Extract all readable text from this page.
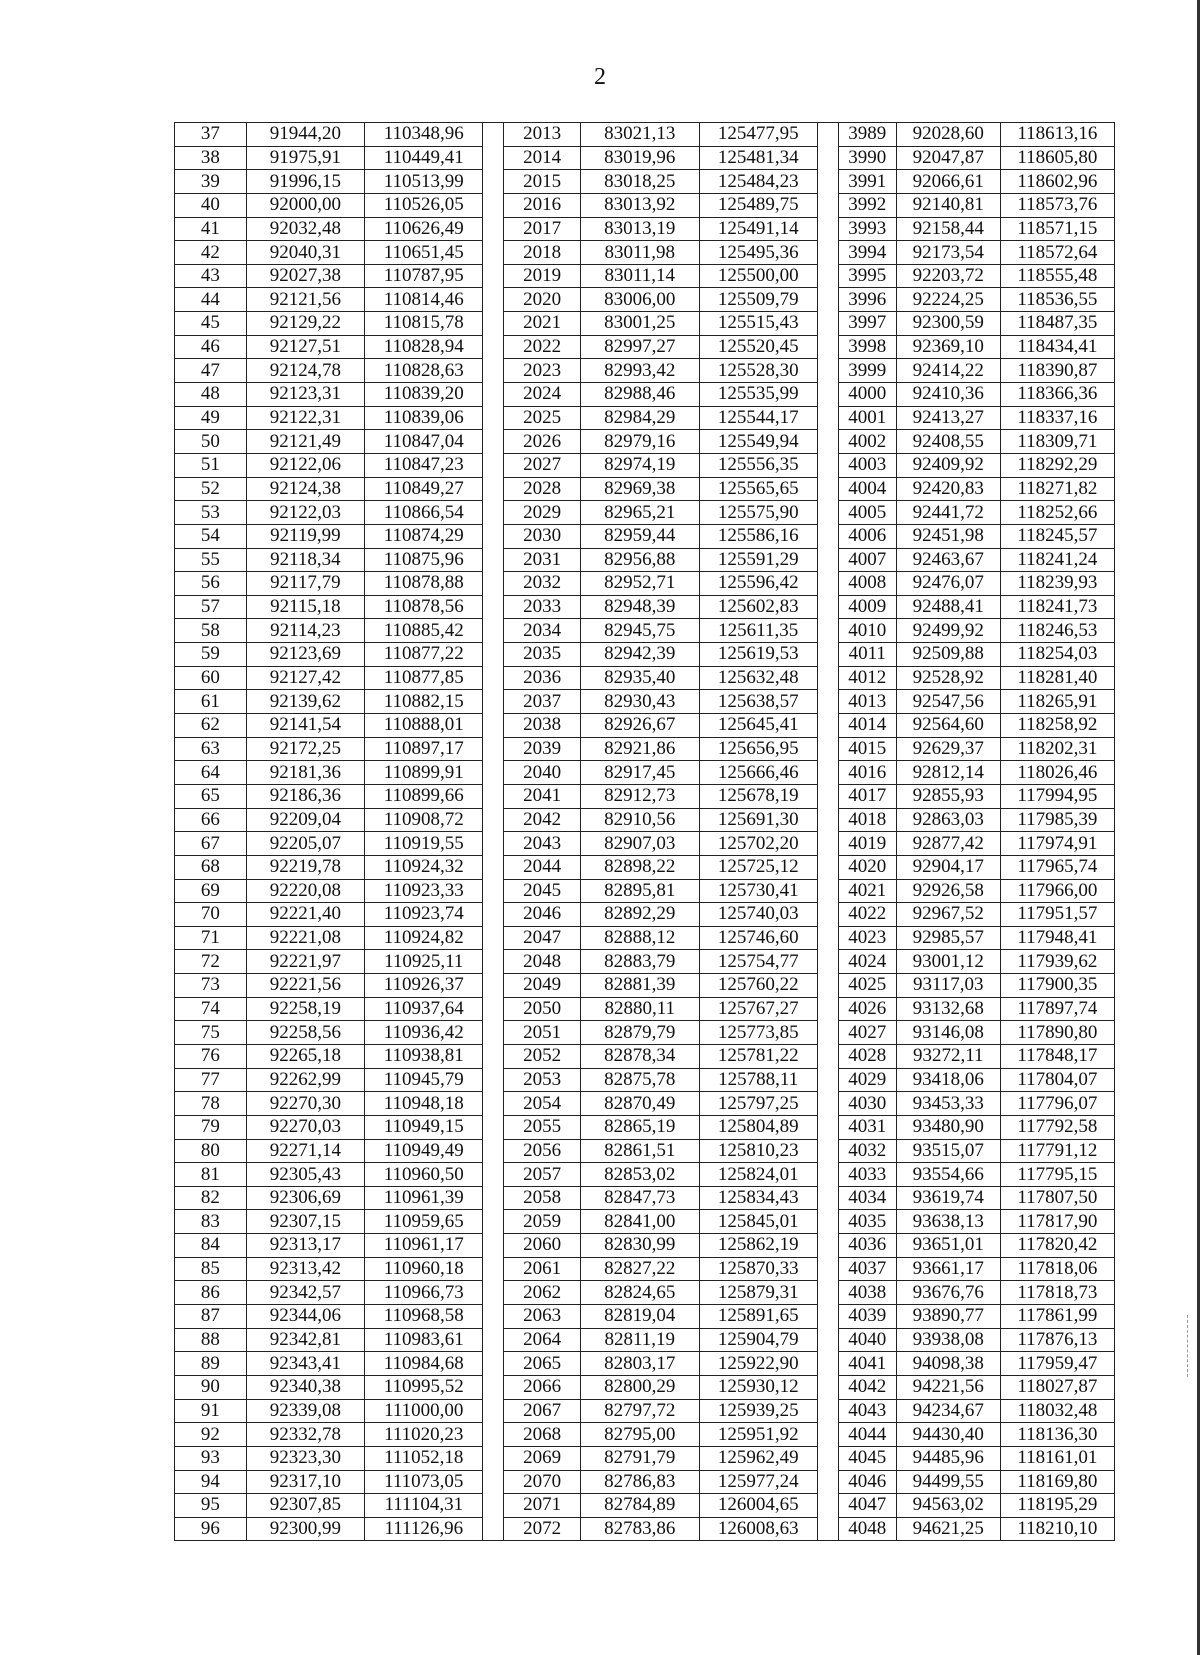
2
37	91944,20	110348,96		2013	83021,13	125477,95		3989	92028,60	118613,16
38	91975,91	110449,41		2014	83019,96	125481,34		3990	92047,87	118605,80
39	91996,15	110513,99		2015	83018,25	125484,23		3991	92066,61	118602,96
40	92000,00	110526,05		2016	83013,92	125489,75		3992	92140,81	118573,76
41	92032,48	110626,49		2017	83013,19	125491,14		3993	92158,44	118571,15
42	92040,31	110651,45		2018	83011,98	125495,36		3994	92173,54	118572,64
43	92027,38	110787,95		2019	83011,14	125500,00		3995	92203,72	118555,48
44	92121,56	110814,46		2020	83006,00	125509,79		3996	92224,25	118536,55
45	92129,22	110815,78		2021	83001,25	125515,43		3997	92300,59	118487,35
46	92127,51	110828,94		2022	82997,27	125520,45		3998	92369,10	118434,41
47	92124,78	110828,63		2023	82993,42	125528,30		3999	92414,22	118390,87
48	92123,31	110839,20		2024	82988,46	125535,99		4000	92410,36	118366,36
49	92122,31	110839,06		2025	82984,29	125544,17		4001	92413,27	118337,16
50	92121,49	110847,04		2026	82979,16	125549,94		4002	92408,55	118309,71
51	92122,06	110847,23		2027	82974,19	125556,35		4003	92409,92	118292,29
52	92124,38	110849,27		2028	82969,38	125565,65		4004	92420,83	118271,82
53	92122,03	110866,54		2029	82965,21	125575,90		4005	92441,72	118252,66
54	92119,99	110874,29		2030	82959,44	125586,16		4006	92451,98	118245,57
55	92118,34	110875,96		2031	82956,88	125591,29		4007	92463,67	118241,24
56	92117,79	110878,88		2032	82952,71	125596,42		4008	92476,07	118239,93
57	92115,18	110878,56		2033	82948,39	125602,83		4009	92488,41	118241,73
58	92114,23	110885,42		2034	82945,75	125611,35		4010	92499,92	118246,53
59	92123,69	110877,22		2035	82942,39	125619,53		4011	92509,88	118254,03
60	92127,42	110877,85		2036	82935,40	125632,48		4012	92528,92	118281,40
61	92139,62	110882,15		2037	82930,43	125638,57		4013	92547,56	118265,91
62	92141,54	110888,01		2038	82926,67	125645,41		4014	92564,60	118258,92
63	92172,25	110897,17		2039	82921,86	125656,95		4015	92629,37	118202,31
64	92181,36	110899,91		2040	82917,45	125666,46		4016	92812,14	118026,46
65	92186,36	110899,66		2041	82912,73	125678,19		4017	92855,93	117994,95
66	92209,04	110908,72		2042	82910,56	125691,30		4018	92863,03	117985,39
67	92205,07	110919,55		2043	82907,03	125702,20		4019	92877,42	117974,91
68	92219,78	110924,32		2044	82898,22	125725,12		4020	92904,17	117965,74
69	92220,08	110923,33		2045	82895,81	125730,41		4021	92926,58	117966,00
70	92221,40	110923,74		2046	82892,29	125740,03		4022	92967,52	117951,57
71	92221,08	110924,82		2047	82888,12	125746,60		4023	92985,57	117948,41
72	92221,97	110925,11		2048	82883,79	125754,77		4024	93001,12	117939,62
73	92221,56	110926,37		2049	82881,39	125760,22		4025	93117,03	117900,35
74	92258,19	110937,64		2050	82880,11	125767,27		4026	93132,68	117897,74
75	92258,56	110936,42		2051	82879,79	125773,85		4027	93146,08	117890,80
76	92265,18	110938,81		2052	82878,34	125781,22		4028	93272,11	117848,17
77	92262,99	110945,79		2053	82875,78	125788,11		4029	93418,06	117804,07
78	92270,30	110948,18		2054	82870,49	125797,25		4030	93453,33	117796,07
79	92270,03	110949,15		2055	82865,19	125804,89		4031	93480,90	117792,58
80	92271,14	110949,49		2056	82861,51	125810,23		4032	93515,07	117791,12
81	92305,43	110960,50		2057	82853,02	125824,01		4033	93554,66	117795,15
82	92306,69	110961,39		2058	82847,73	125834,43		4034	93619,74	117807,50
83	92307,15	110959,65		2059	82841,00	125845,01		4035	93638,13	117817,90
84	92313,17	110961,17		2060	82830,99	125862,19		4036	93651,01	117820,42
85	92313,42	110960,18		2061	82827,22	125870,33		4037	93661,17	117818,06
86	92342,57	110966,73		2062	82824,65	125879,31		4038	93676,76	117818,73
87	92344,06	110968,58		2063	82819,04	125891,65		4039	93890,77	117861,99
88	92342,81	110983,61		2064	82811,19	125904,79		4040	93938,08	117876,13
89	92343,41	110984,68		2065	82803,17	125922,90		4041	94098,38	117959,47
90	92340,38	110995,52		2066	82800,29	125930,12		4042	94221,56	118027,87
91	92339,08	111000,00		2067	82797,72	125939,25		4043	94234,67	118032,48
92	92332,78	111020,23		2068	82795,00	125951,92		4044	94430,40	118136,30
93	92323,30	111052,18		2069	82791,79	125962,49		4045	94485,96	118161,01
94	92317,10	111073,05		2070	82786,83	125977,24		4046	94499,55	118169,80
95	92307,85	111104,31		2071	82784,89	126004,65		4047	94563,02	118195,29
96	92300,99	111126,96		2072	82783,86	126008,63		4048	94621,25	118210,10
